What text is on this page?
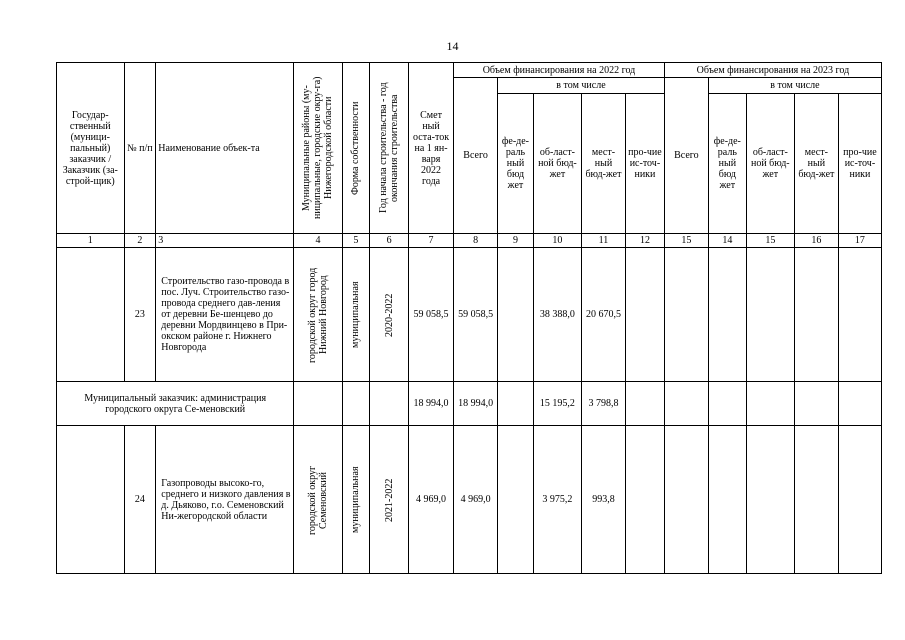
14
Государ-ственный (муници-пальный) заказчик / Заказчик (за-строй-щик)	№ п/п	Наименование объек-та	Муниципальные районы (му-ниципальные, городские окру-га) Нижегородской области	Форма собственности	Год начала строительства - год окончания строительства	Смет ный оста-ток на 1 ян-варя 2022 года	Объем финансирования на 2022 год					Объем финансирования на 2023 год				
							Всего	в том числе				Всего	в том числе			
								фе-де-раль ный бюд жет	об-ласт-ной бюд-жет	мест-ный бюд-жет	про-чие ис-точ-ники		фе-де-раль ный бюд жет	об-ласт-ной бюд-жет	мест-ный бюд-жет	про-чие ис-точ-ники
1	2	3	4	5	6	7	8	9	10	11	12	15	14	15	16	17
	23	Строительство газо-провода в пос. Луч. Строительство газо-провода среднего дав-ления от деревни Бе-шенцево до деревни Мордвинцево в При-окском районе г. Нижнего Новгорода	городской округ город Нижний Новгород	муниципальная	2020-2022	59 058,5	59 058,5		38 388,0	20 670,5						
Муниципальный заказчик: администрация городского округа Се-меновский						18 994,0	18 994,0		15 195,2	3 798,8						
	24	Газопроводы высоко-го, среднего и низкого давления в д. Дьяково, г.о. Семеновский Ни-жегородской области	городской округ Семеновский	муниципальная	2021-2022	4 969,0	4 969,0		3 975,2	993,8						
